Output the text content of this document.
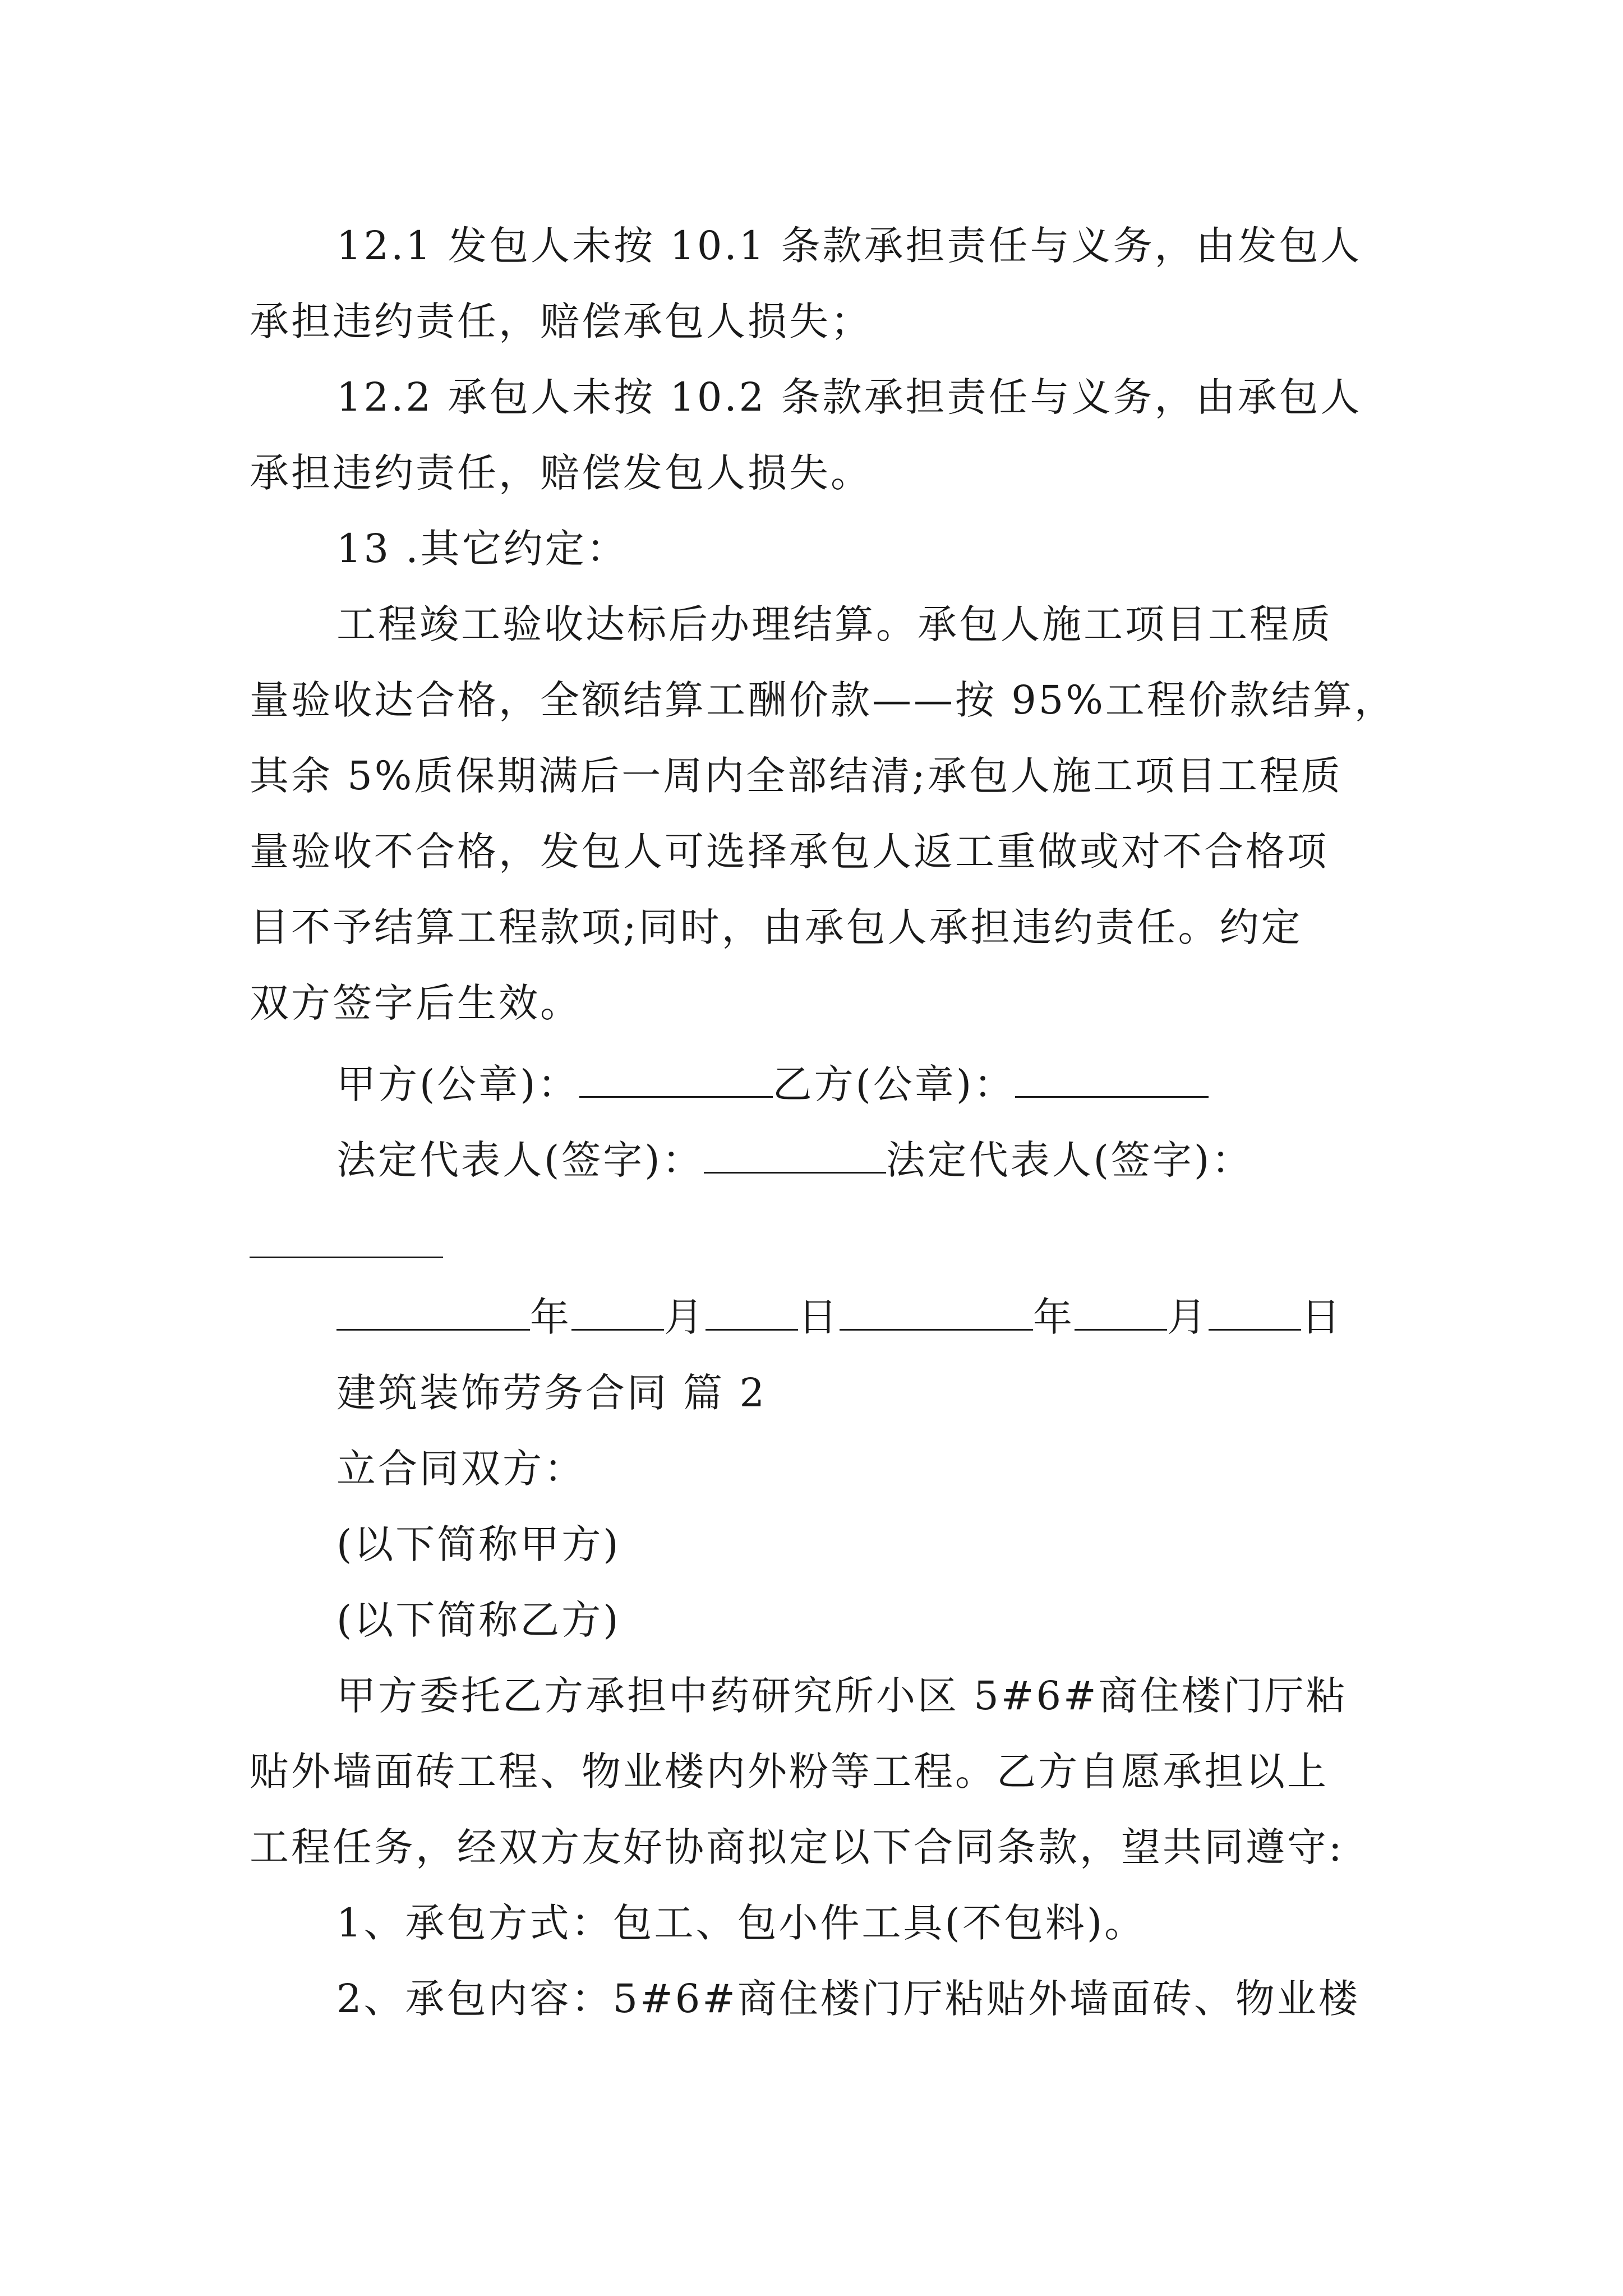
12.1 发包人未按 10.1 条款承担责任与义务，由发包人
承担违约责任，赔偿承包人损失；
12.2 承包人未按 10.2 条款承担责任与义务，由承包人
承担违约责任，赔偿发包人损失。
13 .其它约定：
工程竣工验收达标后办理结算。承包人施工项目工程质
量验收达合格，全额结算工酬价款——按 95%工程价款结算，
其余 5%质保期满后一周内全部结清;承包人施工项目工程质
量验收不合格，发包人可选择承包人返工重做或对不合格项
目不予结算工程款项;同时，由承包人承担违约责任。约定
双方签字后生效。
甲方(公章)：	乙方(公章)：
法定代表人(签字)：	法定代表人(签字)：
年 月 日	年 月 日
建筑装饰劳务合同 篇 2
立合同双方：
(以下简称甲方)
(以下简称乙方)
甲方委托乙方承担中药研究所小区 5#6#商住楼门厅粘
贴外墙面砖工程、物业楼内外粉等工程。乙方自愿承担以上
工程任务，经双方友好协商拟定以下合同条款，望共同遵守:
1、承包方式：包工、包小件工具(不包料)。
2、承包内容：5#6#商住楼门厅粘贴外墙面砖、物业楼
